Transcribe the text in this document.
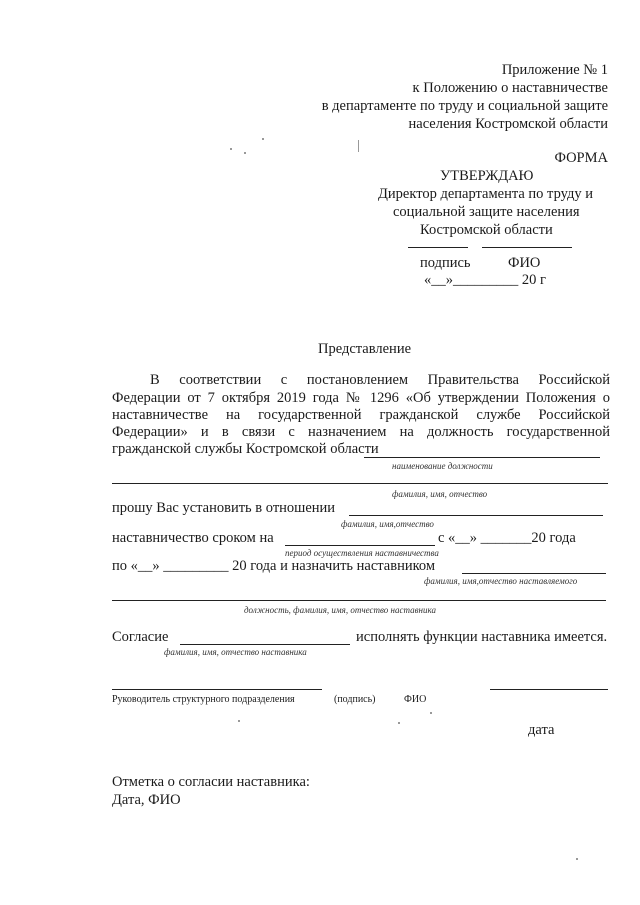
Приложение № 1
к Положению о наставничестве
в департаменте по труду и социальной защите
населения Костромской области
ФОРМА
УТВЕРЖДАЮ
Директор департамента по труду и
социальной защите населения
Костромской области
подпись	ФИО
«__»_________ 20 г
Представление
В соответствии с постановлением Правительства Российской
Федерации от 7 октября 2019 года № 1296 «Об утверждении Положения о
наставничестве на государственной гражданской службе Российской
Федерации» и в связи с назначением на должность государственной
гражданской службы Костромской области
наименование должности
фамилия, имя, отчество
прошу Вас установить в отношении
фамилия, имя,отчество
наставничество сроком на	с «__» _______20 года
период осуществления наставничества
по «__» _________ 20 года и назначить наставником
фамилия, имя,отчество наставляемого
должность, фамилия, имя, отчество наставника
Согласие	исполнять функции наставника имеется.
фамилия, имя, отчество наставника
Руководитель структурного подразделения	(подпись)	ФИО
дата
Отметка о согласии наставника:
Дата, ФИО
